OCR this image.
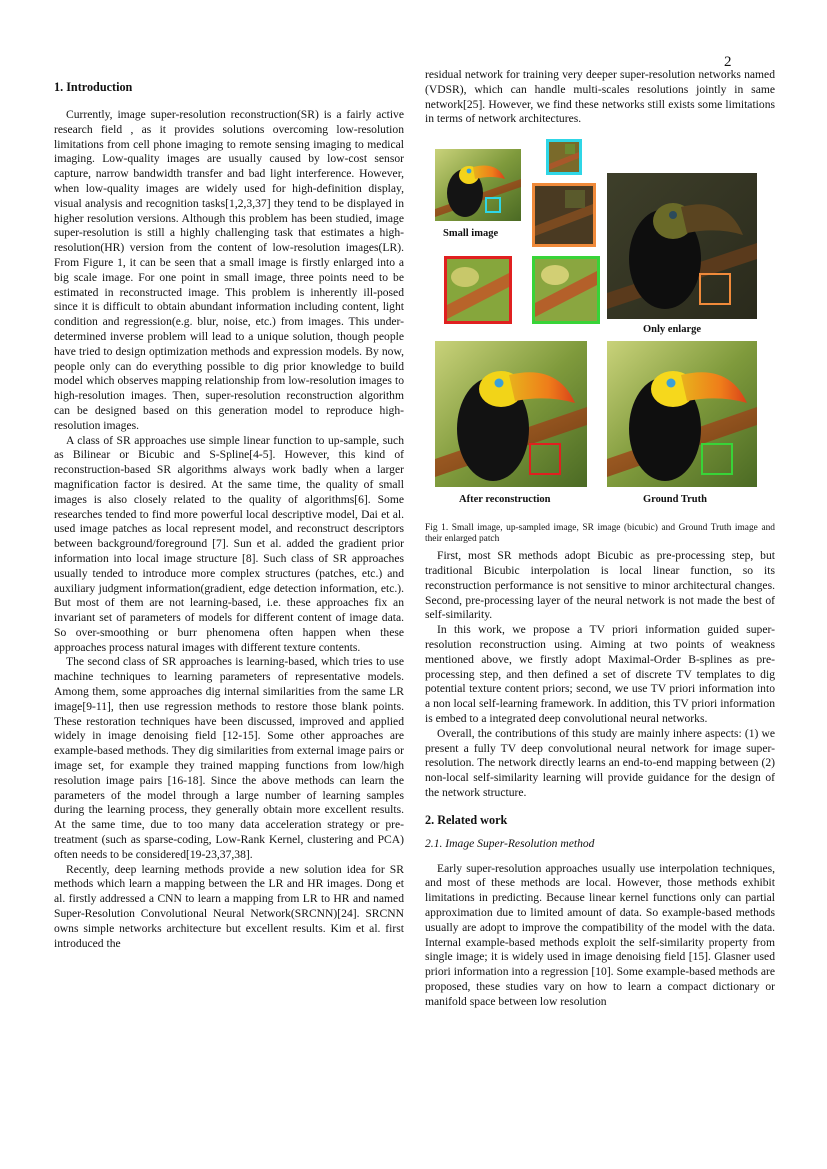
2
1. Introduction

Currently, image super-resolution reconstruction(SR) is a fairly active research field , as it provides solutions overcoming low-resolution limitations from cell phone imaging to remote sensing imaging to medical imaging. Low-quality images are usually caused by low-cost sensor capture, narrow bandwidth transfer and bad light interference. However, when low-quality images are widely used for high-definition display, visual analysis and recognition tasks[1,2,3,37] they tend to be displayed in higher resolution versions. Although this problem has been studied, image super-resolution is still a highly challenging task that estimates a high-resolution(HR) version from the content of low-resolution images(LR). From Figure 1, it can be seen that a small image is firstly enlarged into a big scale image. For one point in small image, three points need to be estimated in reconstructed image. This problem is inherently ill-posed since it is difficult to obtain abundant information including content, light condition and regression(e.g. blur, noise, etc.) from images. This under-determined inverse problem will lead to a unique solution, though people have tried to design optimization methods and expression models. By now, people only can do everything possible to dig prior knowledge to build model which observes mapping relationship from low-resolution images to high-resolution images. Then, super-resolution reconstruction algorithm can be designed based on this generation model to reproduce high-resolution images.

A class of SR approaches use simple linear function to up-sample, such as Bilinear or Bicubic and S-Spline[4-5]. However, this kind of reconstruction-based SR algorithms always work badly when a larger magnification factor is desired. At the same time, the quality of small images is also closely related to the quality of algorithms[6]. Some researches tended to find more powerful local descriptive model, Dai et al. used image patches as local represent model, and reconstruct descriptors between background/foreground [7]. Sun et al. added the gradient prior information into local image structure [8]. Such class of SR approaches usually tended to introduce more complex structures (patches, etc.) and auxiliary judgment information(gradient, edge detection information, etc.). But most of them are not learning-based, i.e. these approaches fix an invariant set of parameters of models for different content of image data. So over-smoothing or burr phenomena often happen when these approaches process natural images with different texture contents.

The second class of SR approaches is learning-based, which tries to use machine techniques to learning parameters of representative models. Among them, some approaches dig internal similarities from the same LR image[9-11], then use regression methods to restore those blank points. These restoration techniques have been discussed, improved and applied widely in image denoising field [12-15]. Some other approaches are example-based methods. They dig similarities from external image pairs or image set, for example they trained mapping functions from low/high resolution image pairs [16-18]. Since the above methods can learn the parameters of the model through a large number of learning samples during the learning process, they generally obtain more excellent results. At the same time, due to too many data acceleration strategy or pre-treatment (such as sparse-coding, Low-Rank Kernel, clustering and PCA) often needs to be considered[19-23,37,38].

Recently, deep learning methods provide a new solution idea for SR methods which learn a mapping between the LR and HR images. Dong et al. firstly addressed a CNN to learn a mapping from LR to HR and named Super-Resolution Convolutional Neural Network(SRCNN)[24]. SRCNN owns simple networks architecture but excellent results. Kim et al. first introduced the

residual network for training very deeper super-resolution networks named (VDSR), which can handle multi-scales resolutions jointly in same network[25]. However, we find these networks still exists some limitations in terms of network architectures.

Small image
Only enlarge
After reconstruction	Ground Truth

Fig 1. Small image, up-sampled image, SR image (bicubic) and Ground Truth image and their enlarged patch

First, most SR methods adopt Bicubic as pre-processing step, but traditional Bicubic interpolation is local linear function, so its reconstruction performance is not sensitive to minor architectural changes. Second, pre-processing layer of the neural network is not made the best of self-similarity.

In this work, we propose a TV priori information guided super-resolution reconstruction using. Aiming at two points of weakness mentioned above, we firstly adopt Maximal-Order B-splines as pre-processing step, and then defined a set of discrete TV templates to dig potential texture content priors; second, we use TV priori information into a non local self-learning framework. In addition, this TV priori information is embed to a integrated deep convolutional neural networks.

Overall, the contributions of this study are mainly inhere aspects: (1) we present a fully TV deep convolutional neural network for image super-resolution. The network directly learns an end-to-end mapping between (2) non-local self-similarity learning will provide guidance for the design of the network structure.

2. Related work
2.1. Image Super-Resolution method

Early super-resolution approaches usually use interpolation techniques, and most of these methods are local. However, those methods exhibit limitations in predicting. Because linear kernel functions only can partial approximation due to limited amount of data. So example-based methods usually are adopt to improve the compatibility of the model with the data. Internal example-based methods exploit the self-similarity property from single image; it is widely used in image denoising field [15]. Glasner used priori information into a regression [10]. Some example-based methods are proposed, these studies vary on how to learn a compact dictionary or manifold space between low resolution
